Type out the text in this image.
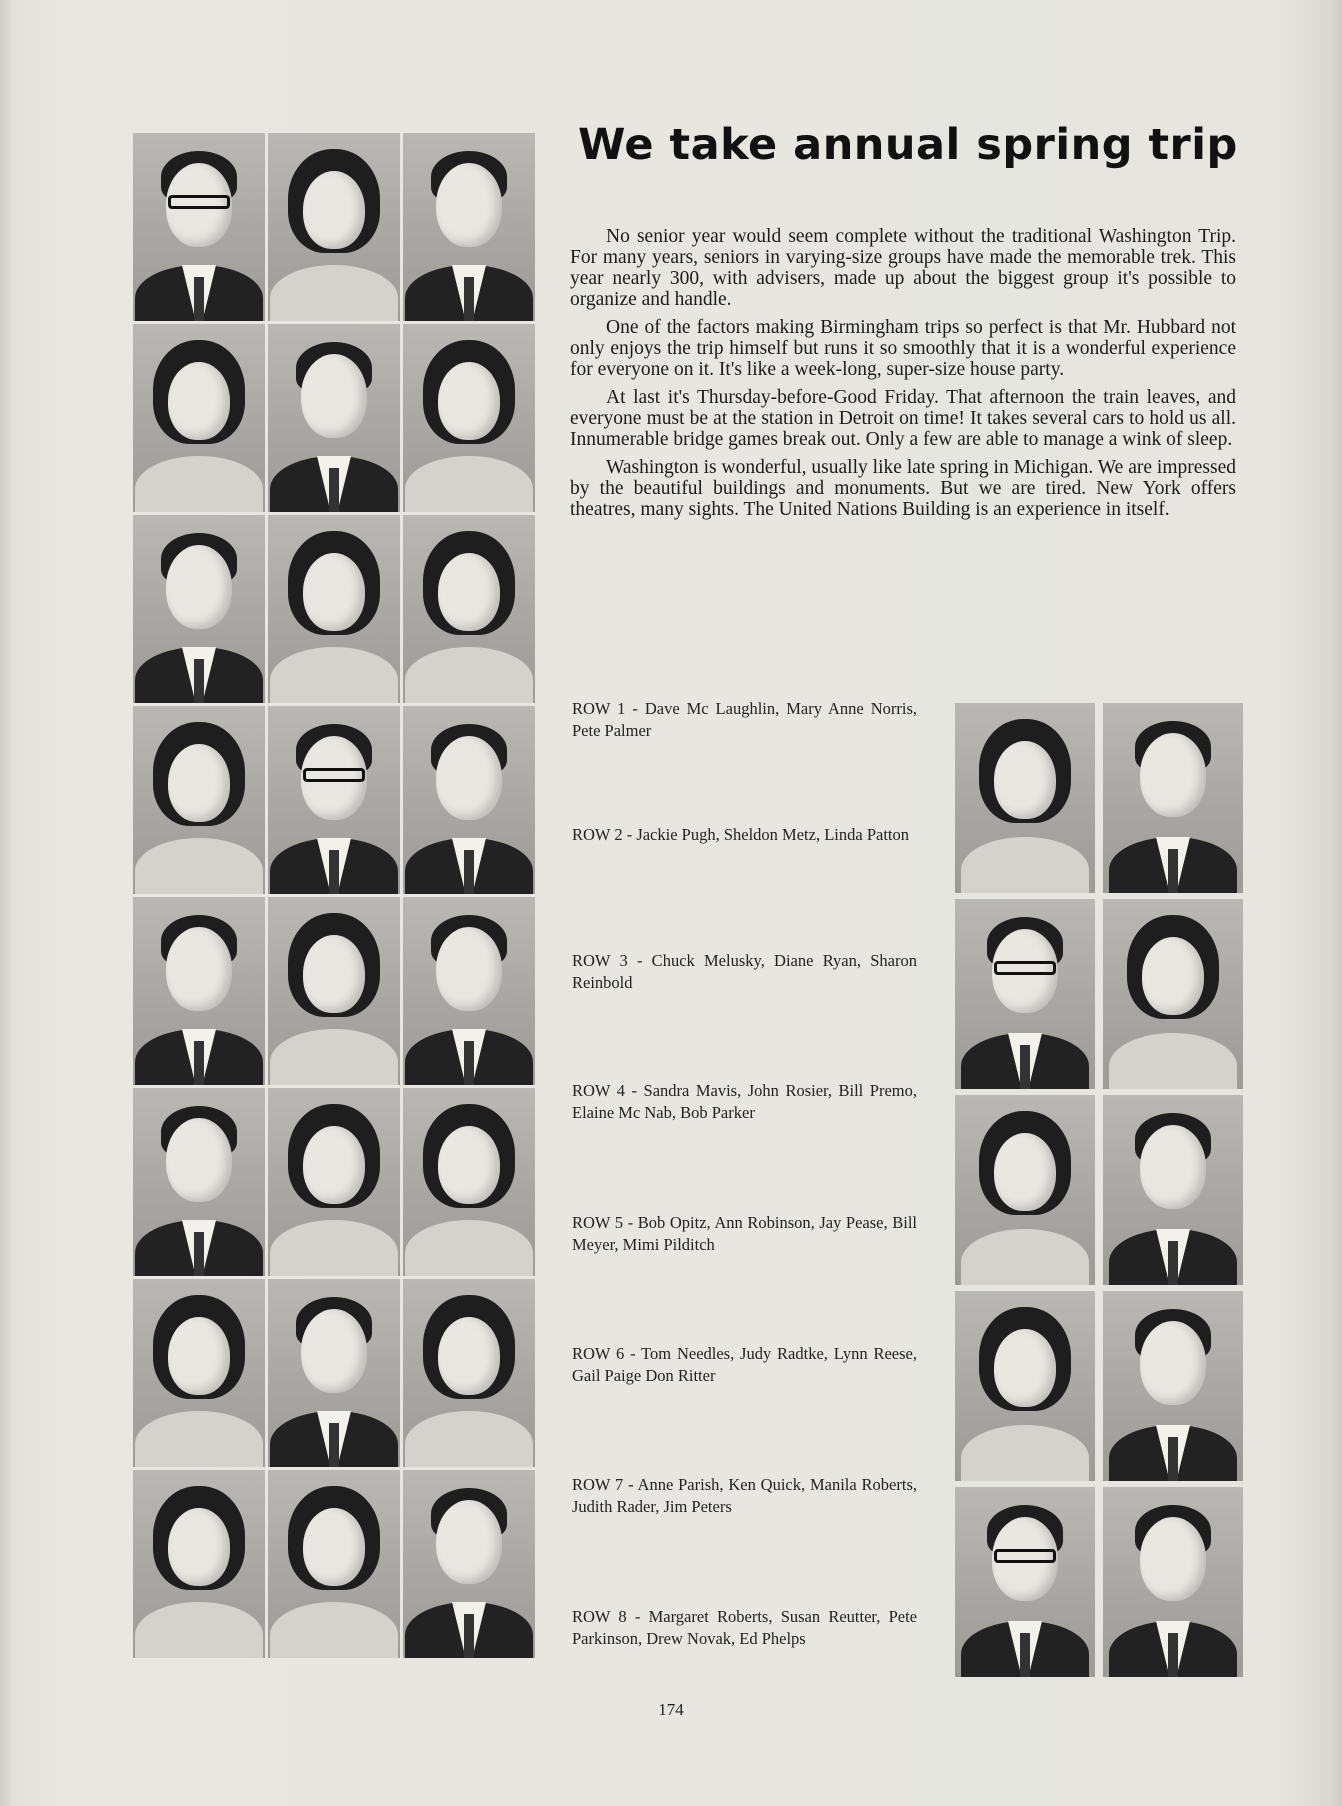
We take annual spring trip

No senior year would seem complete without the traditional Washington Trip. For many years, seniors in varying-size groups have made the memorable trek. This year nearly 300, with advisers, made up about the biggest group it's possible to organize and handle.

One of the factors making Birmingham trips so perfect is that Mr. Hubbard not only enjoys the trip himself but runs it so smoothly that it is a wonderful experience for everyone on it. It's like a week-long, super-size house party.

At last it's Thursday-before-Good Friday. That afternoon the train leaves, and everyone must be at the station in Detroit on time! It takes several cars to hold us all. Innumerable bridge games break out. Only a few are able to manage a wink of sleep.

Washington is wonderful, usually like late spring in Michigan. We are impressed by the beautiful buildings and monuments. But we are tired. New York offers theatres, many sights. The United Nations Building is an experience in itself.

ROW 1 - Dave Mc Laughlin, Mary Anne Norris, Pete Palmer
ROW 2 - Jackie Pugh, Sheldon Metz, Linda Patton
ROW 3 - Chuck Melusky, Diane Ryan, Sharon Reinbold
ROW 4 - Sandra Mavis, John Rosier, Bill Premo, Elaine Mc Nab, Bob Parker
ROW 5 - Bob Opitz, Ann Robinson, Jay Pease, Bill Meyer, Mimi Pilditch
ROW 6 - Tom Needles, Judy Radtke, Lynn Reese, Gail Paige Don Ritter
ROW 7 - Anne Parish, Ken Quick, Manila Roberts, Judith Rader, Jim Peters
ROW 8 - Margaret Roberts, Susan Reutter, Pete Parkinson, Drew Novak, Ed Phelps
174
